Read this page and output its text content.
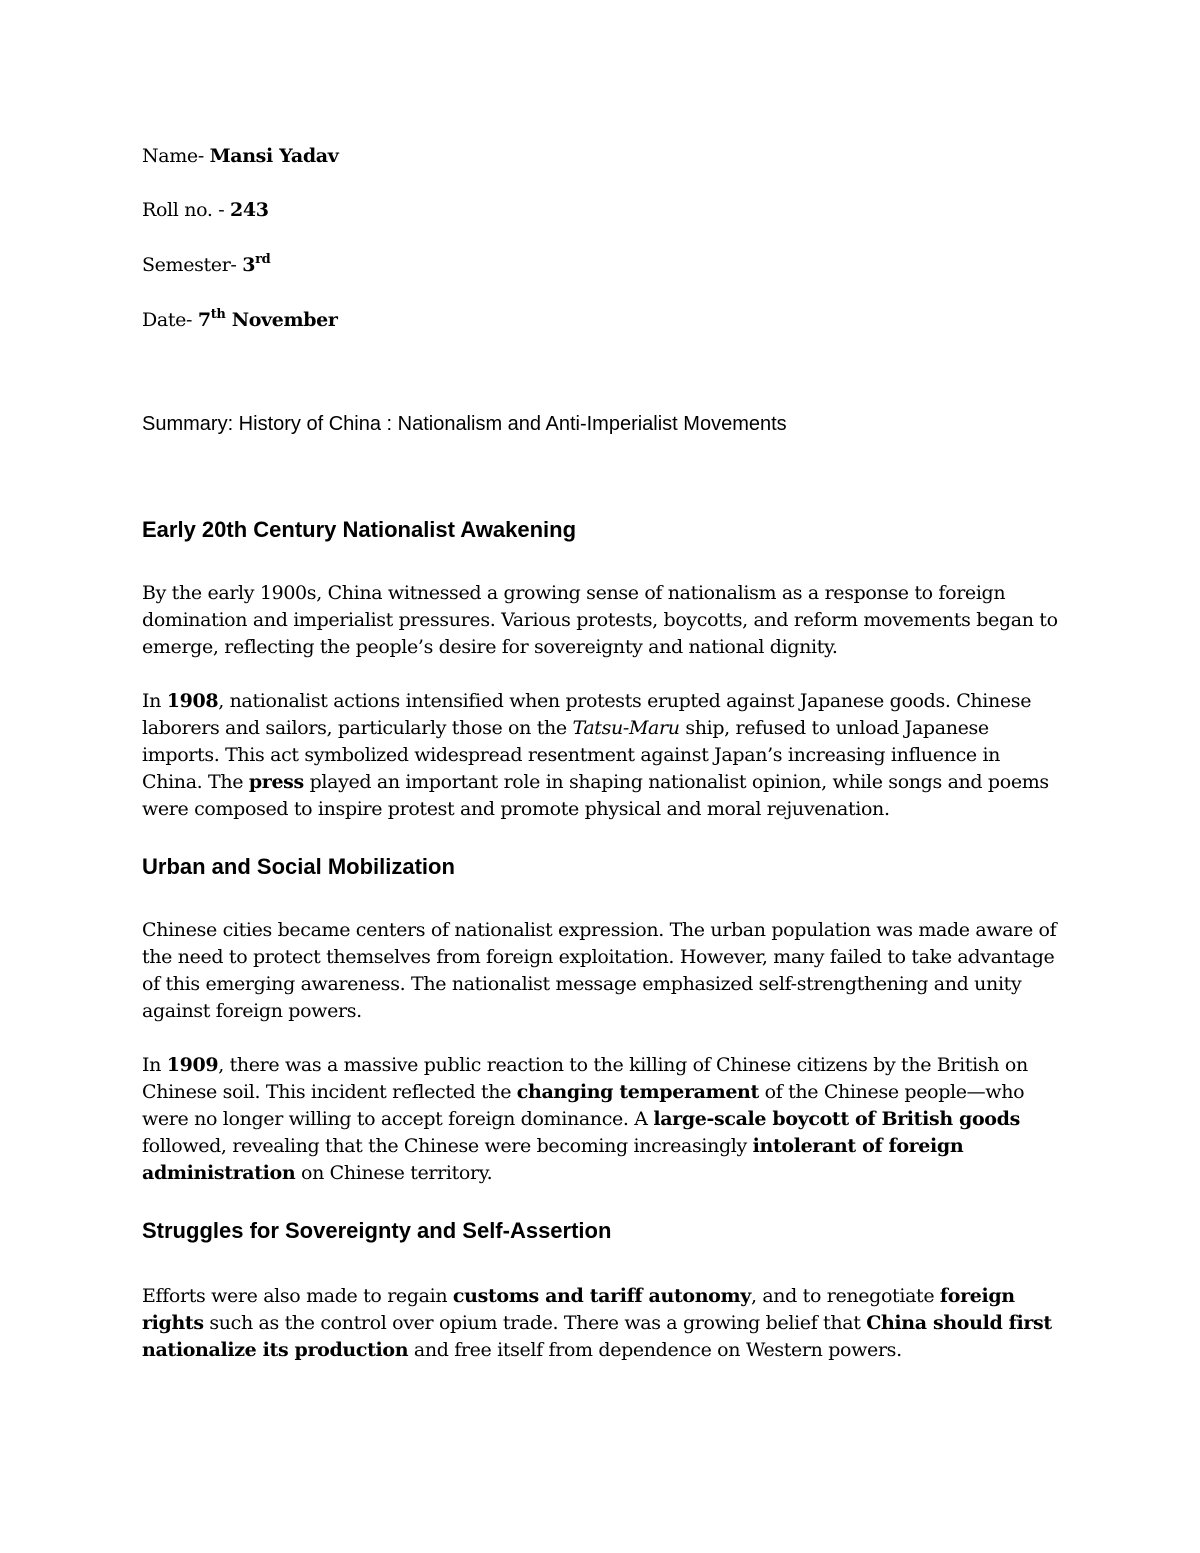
Name- Mansi Yadav
Roll no. - 243
Semester- 3rd
Date- 7th November
Summary: History of China : Nationalism and Anti-Imperialist Movements
Early 20th Century Nationalist Awakening

By the early 1900s, China witnessed a growing sense of nationalism as a response to foreign domination and imperialist pressures. Various protests, boycotts, and reform movements began to emerge, reflecting the people’s desire for sovereignty and national dignity.

In 1908, nationalist actions intensified when protests erupted against Japanese goods. Chinese laborers and sailors, particularly those on the Tatsu-Maru ship, refused to unload Japanese imports. This act symbolized widespread resentment against Japan’s increasing influence in China. The press played an important role in shaping nationalist opinion, while songs and poems were composed to inspire protest and promote physical and moral rejuvenation.

Urban and Social Mobilization

Chinese cities became centers of nationalist expression. The urban population was made aware of the need to protect themselves from foreign exploitation. However, many failed to take advantage of this emerging awareness. The nationalist message emphasized self-strengthening and unity against foreign powers.

In 1909, there was a massive public reaction to the killing of Chinese citizens by the British on Chinese soil. This incident reflected the changing temperament of the Chinese people—who were no longer willing to accept foreign dominance. A large-scale boycott of British goods followed, revealing that the Chinese were becoming increasingly intolerant of foreign administration on Chinese territory.

Struggles for Sovereignty and Self-Assertion

Efforts were also made to regain customs and tariff autonomy, and to renegotiate foreign rights such as the control over opium trade. There was a growing belief that China should first nationalize its production and free itself from dependence on Western powers.
